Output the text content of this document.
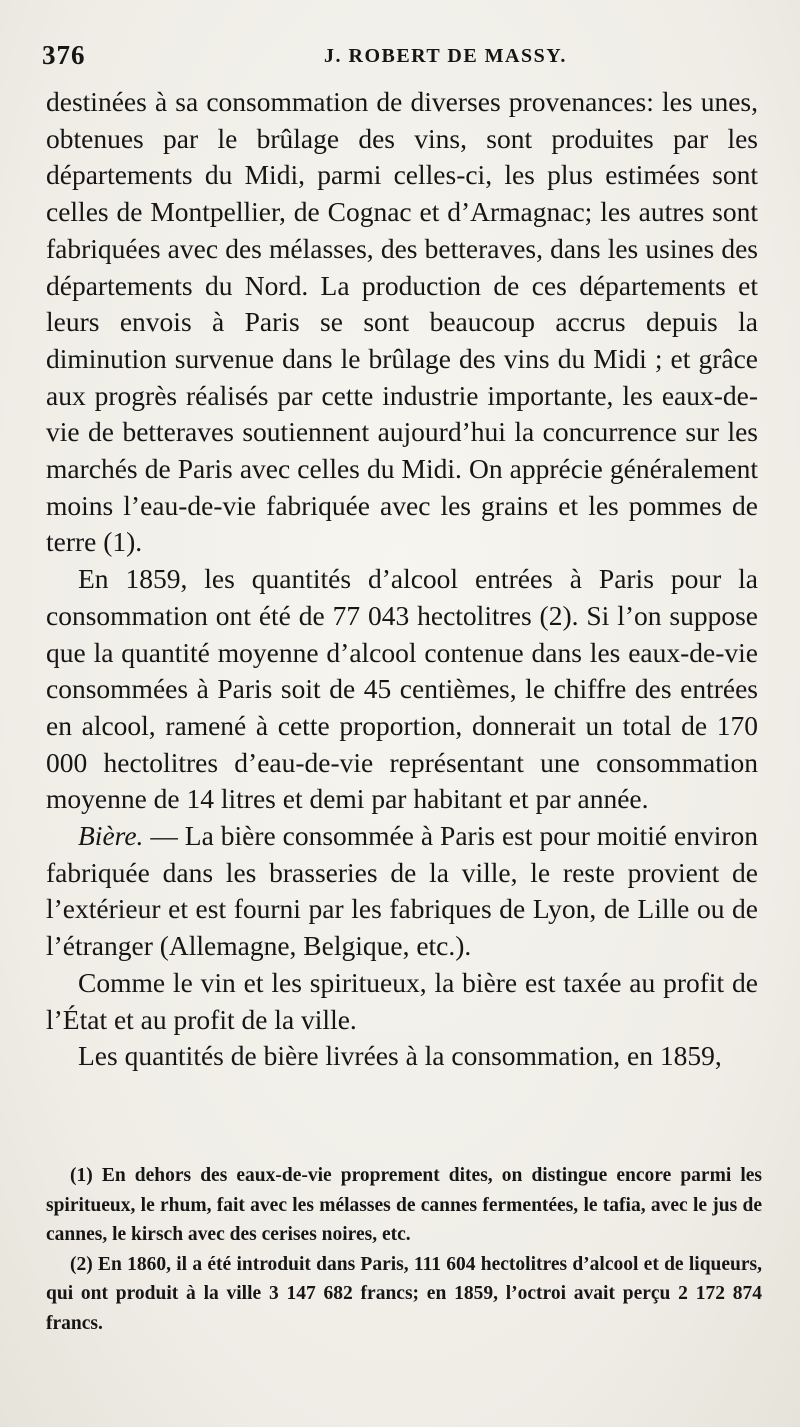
376	J. ROBERT DE MASSY.

destinées à sa consommation de diverses provenances: les unes, obtenues par le brûlage des vins, sont produites par les départements du Midi, parmi celles-ci, les plus estimées sont celles de Montpellier, de Cognac et d’Armagnac; les autres sont fabriquées avec des mélasses, des betteraves, dans les usines des départements du Nord. La production de ces départements et leurs envois à Paris se sont beaucoup accrus depuis la diminution survenue dans le brûlage des vins du Midi ; et grâce aux progrès réalisés par cette industrie importante, les eaux-de-vie de betteraves soutiennent aujourd’hui la concurrence sur les marchés de Paris avec celles du Midi. On apprécie généralement moins l’eau-de-vie fabriquée avec les grains et les pommes de terre (1).

En 1859, les quantités d’alcool entrées à Paris pour la consommation ont été de 77 043 hectolitres (2). Si l’on suppose que la quantité moyenne d’alcool contenue dans les eaux-de-vie consommées à Paris soit de 45 centièmes, le chiffre des entrées en alcool, ramené à cette proportion, donnerait un total de 170 000 hectolitres d’eau-de-vie représentant une consommation moyenne de 14 litres et demi par habitant et par année.

Bière. — La bière consommée à Paris est pour moitié environ fabriquée dans les brasseries de la ville, le reste provient de l’extérieur et est fourni par les fabriques de Lyon, de Lille ou de l’étranger (Allemagne, Belgique, etc.).

Comme le vin et les spiritueux, la bière est taxée au profit de l’État et au profit de la ville.

Les quantités de bière livrées à la consommation, en 1859,

(1) En dehors des eaux-de-vie proprement dites, on distingue encore parmi les spiritueux, le rhum, fait avec les mélasses de cannes fermentées, le tafia, avec le jus de cannes, le kirsch avec des cerises noires, etc.

(2) En 1860, il a été introduit dans Paris, 111 604 hectolitres d’alcool et de liqueurs, qui ont produit à la ville 3 147 682 francs; en 1859, l’octroi avait perçu 2 172 874 francs.
